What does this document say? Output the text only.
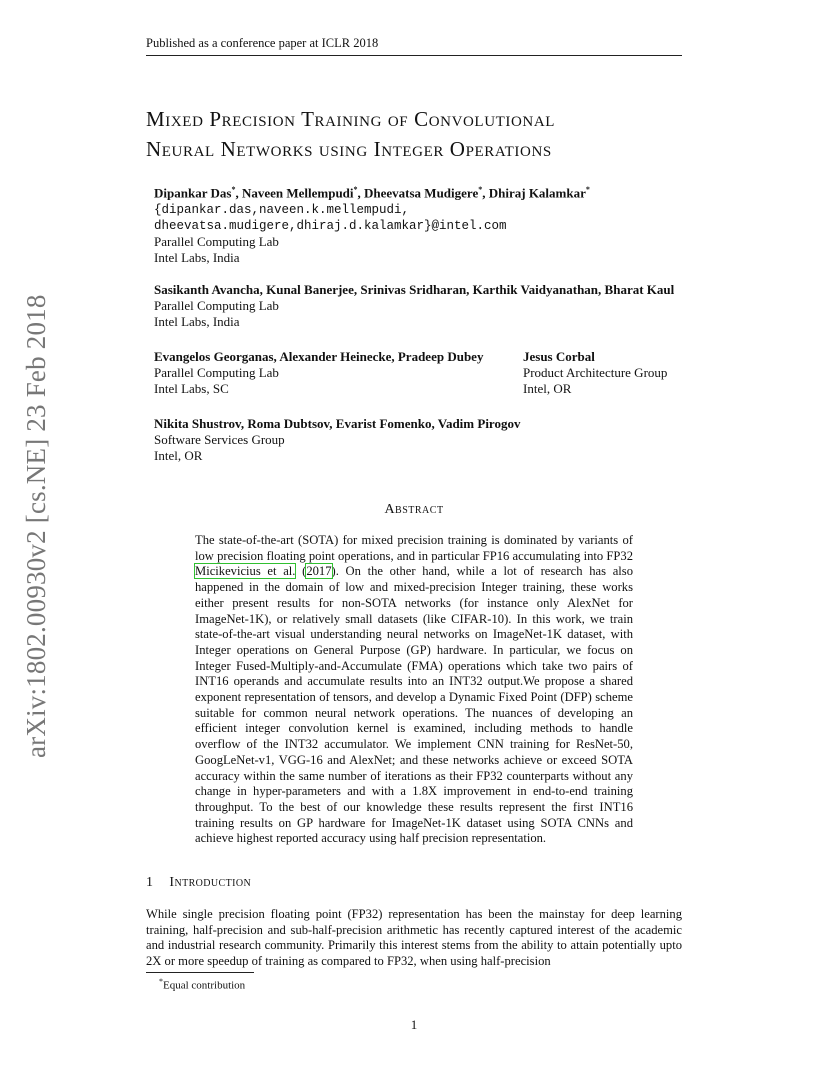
Published as a conference paper at ICLR 2018
arXiv:1802.00930v2 [cs.NE] 23 Feb 2018
Mixed Precision Training of Convolutional
Neural Networks using Integer Operations
Dipankar Das*, Naveen Mellempudi*, Dheevatsa Mudigere*, Dhiraj Kalamkar*
{dipankar.das,naveen.k.mellempudi,
dheevatsa.mudigere,dhiraj.d.kalamkar}@intel.com
Parallel Computing Lab
Intel Labs, India
Sasikanth Avancha, Kunal Banerjee, Srinivas Sridharan, Karthik Vaidyanathan, Bharat Kaul
Parallel Computing Lab
Intel Labs, India
Evangelos Georganas, Alexander Heinecke, Pradeep Dubey
Parallel Computing Lab
Intel Labs, SC
Jesus Corbal
Product Architecture Group
Intel, OR
Nikita Shustrov, Roma Dubtsov, Evarist Fomenko, Vadim Pirogov
Software Services Group
Intel, OR
Abstract
The state-of-the-art (SOTA) for mixed precision training is dominated by variants of low precision floating point operations, and in particular FP16 accumulating into FP32 Micikevicius et al. (2017). On the other hand, while a lot of research has also happened in the domain of low and mixed-precision Integer training, these works either present results for non-SOTA networks (for instance only AlexNet for ImageNet-1K), or relatively small datasets (like CIFAR-10). In this work, we train state-of-the-art visual understanding neural networks on ImageNet-1K dataset, with Integer operations on General Purpose (GP) hardware. In particular, we focus on Integer Fused-Multiply-and-Accumulate (FMA) operations which take two pairs of INT16 operands and accumulate results into an INT32 output.We propose a shared exponent representation of tensors, and develop a Dynamic Fixed Point (DFP) scheme suitable for common neural network operations. The nuances of developing an efficient integer convolution kernel is examined, including methods to handle overflow of the INT32 accumulator. We implement CNN training for ResNet-50, GoogLeNet-v1, VGG-16 and AlexNet; and these networks achieve or exceed SOTA accuracy within the same number of iterations as their FP32 counterparts without any change in hyper-parameters and with a 1.8X improvement in end-to-end training throughput. To the best of our knowledge these results represent the first INT16 training results on GP hardware for ImageNet-1K dataset using SOTA CNNs and achieve highest reported accuracy using half precision representation.
1 Introduction
While single precision floating point (FP32) representation has been the mainstay for deep learning training, half-precision and sub-half-precision arithmetic has recently captured interest of the academic and industrial research community. Primarily this interest stems from the ability to attain potentially upto 2X or more speedup of training as compared to FP32, when using half-precision
*Equal contribution
1
